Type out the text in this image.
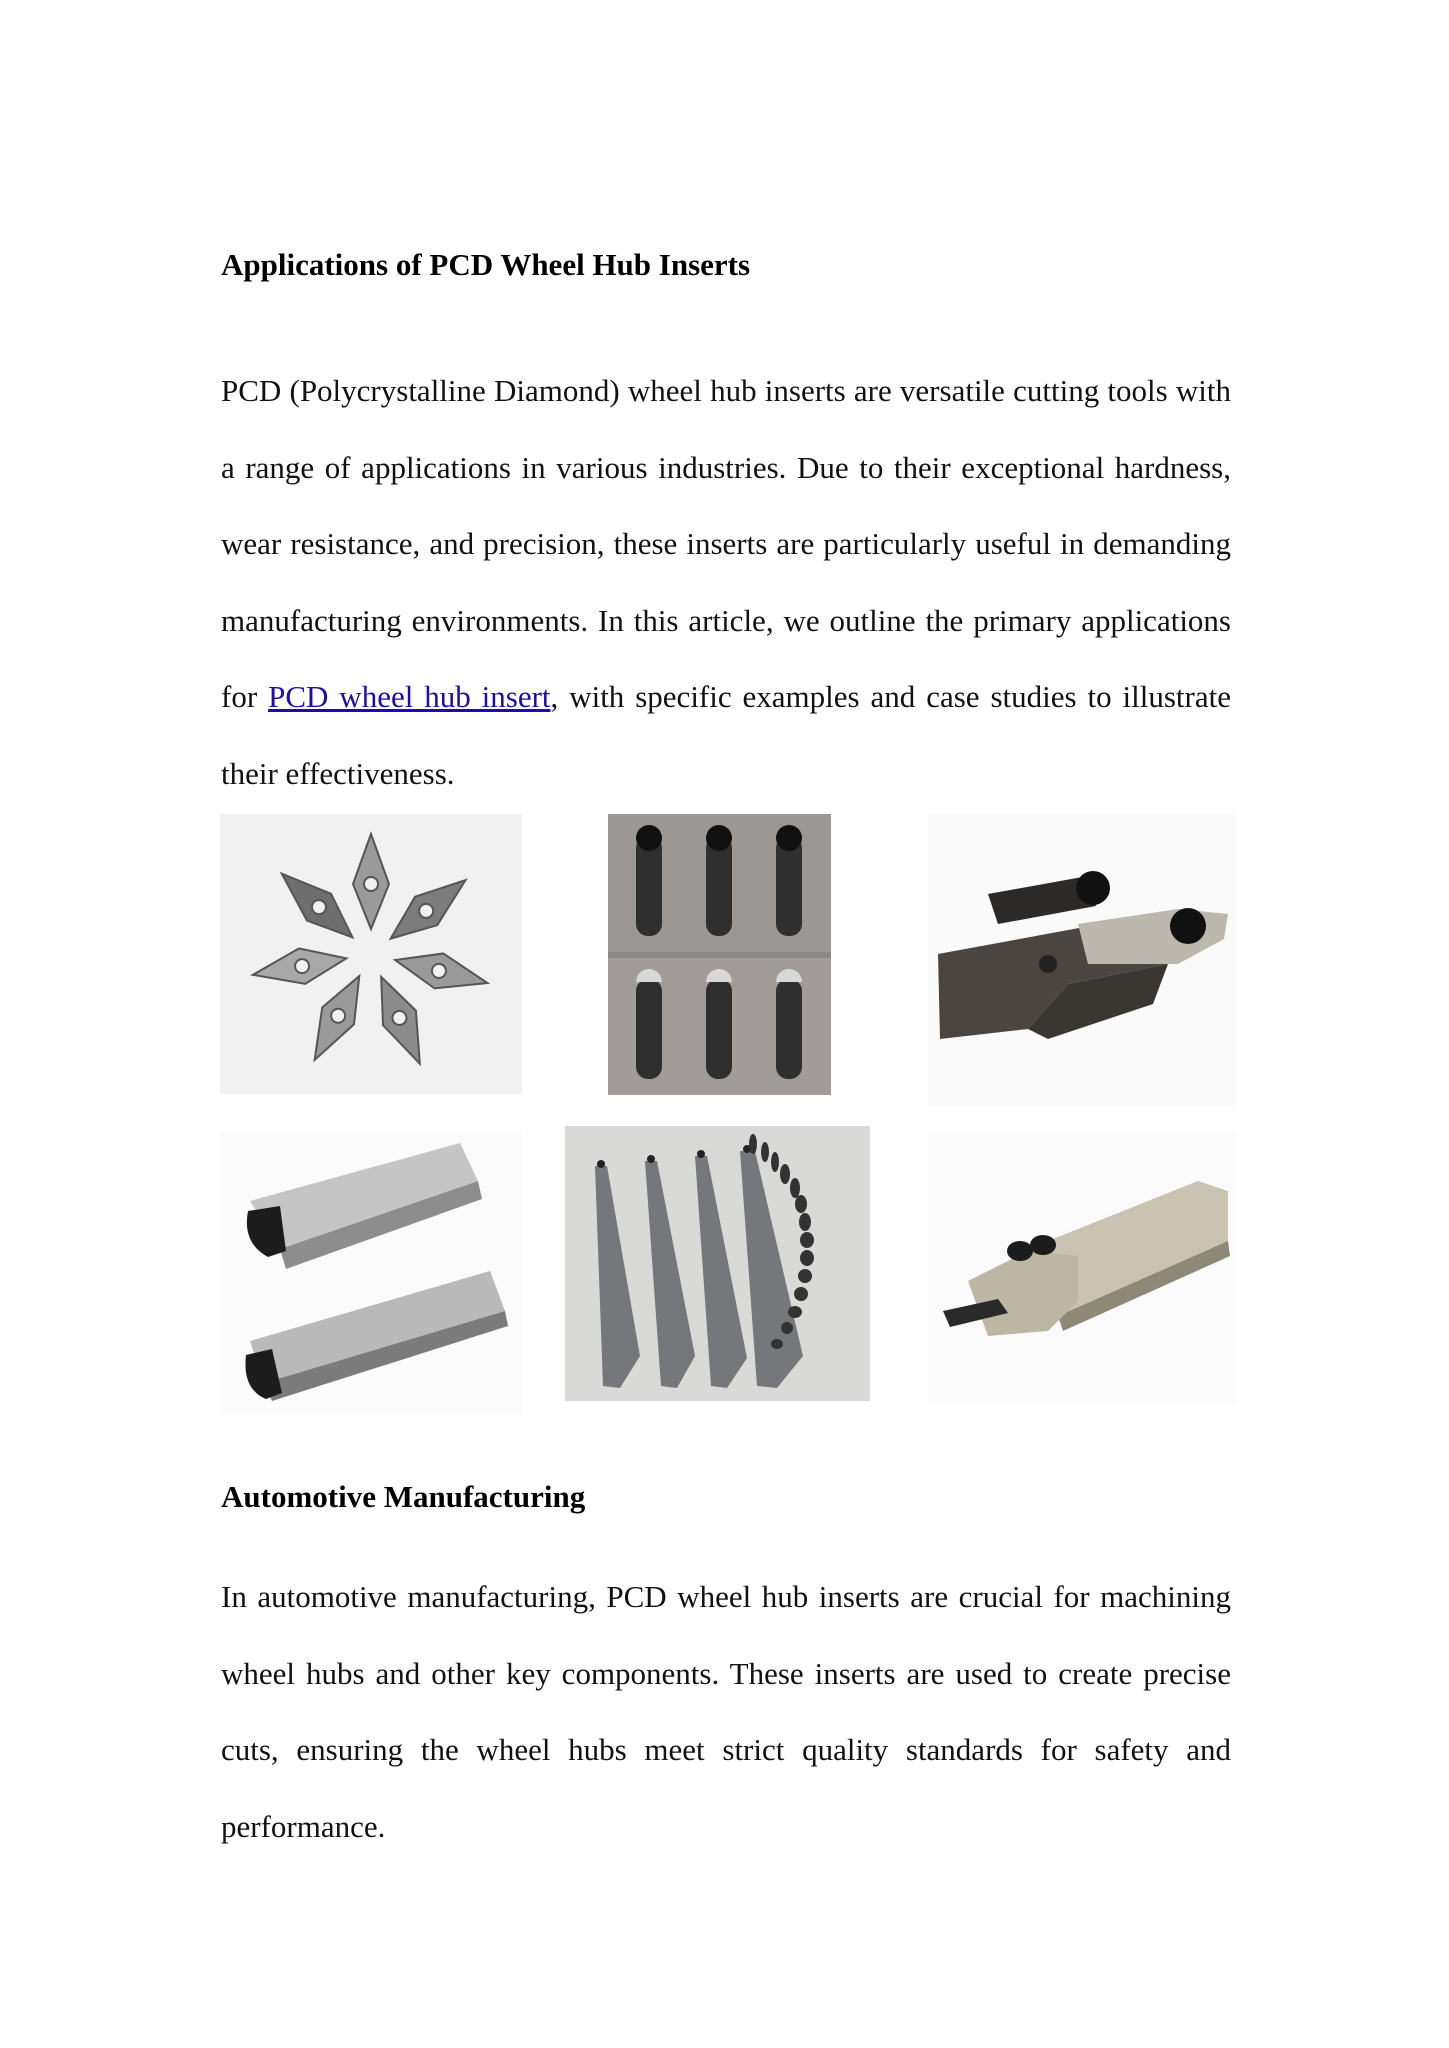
Applications of PCD Wheel Hub Inserts

PCD (Polycrystalline Diamond) wheel hub inserts are versatile cutting tools with a range of applications in various industries. Due to their exceptional hardness, wear resistance, and precision, these inserts are particularly useful in demanding manufacturing environments. In this article, we outline the primary applications for PCD wheel hub insert, with specific examples and case studies to illustrate their effectiveness.

Automotive Manufacturing

In automotive manufacturing, PCD wheel hub inserts are crucial for machining wheel hubs and other key components. These inserts are used to create precise cuts, ensuring the wheel hubs meet strict quality standards for safety and performance.
